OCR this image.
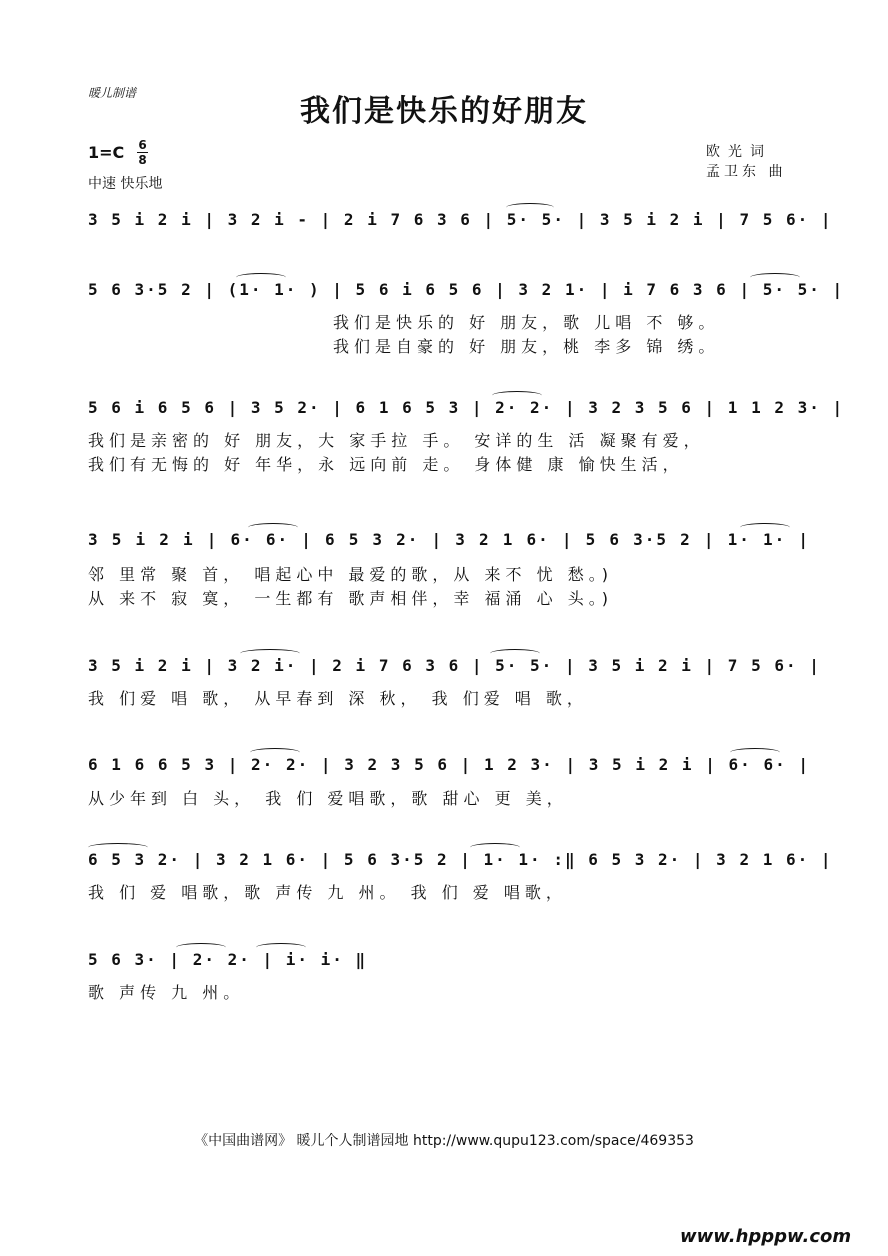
暖儿制谱
我们是快乐的好朋友
1=C 6
8
中速 快乐地
欧光词
孟卫东 曲
3 5 i 2 i | 3 2 i - | 2 i 7 6 3 6 | 5· 5· | 3 5 i 2 i | 7 5 6· |
5 6 3·5 2 | (1· 1· ) | 5 6 i 6 5 6 | 3 2 1· | i 7 6 3 6 | 5· 5· |
我们是快乐的 好 朋友，歌 儿唱 不 够。
我们是自豪的 好 朋友，桃 李多 锦 绣。
5 6 i 6 5 6 | 3 5 2· | 6 1 6 5 3 | 2· 2· | 3 2 3 5 6 | 1 1 2 3· |
我们是亲密的 好 朋友，大 家手拉 手。 安详的生 活 凝聚有爱，
我们有无悔的 好 年华，永 远向前 走。 身体健 康 愉快生活，
3 5 i 2 i | 6· 6· | 6 5 3 2· | 3 2 1 6· | 5 6 3·5 2 | 1· 1· |
邻 里常 聚 首， 唱起心中 最爱的歌，从 来不 忧 愁。)
从 来不 寂 寞， 一生都有 歌声相伴，幸 福涌 心 头。)
3 5 i 2 i | 3 2 i· | 2 i 7 6 3 6 | 5· 5· | 3 5 i 2 i | 7 5 6· |
我 们爱 唱 歌， 从早春到 深 秋， 我 们爱 唱 歌，
6 1 6 6 5 3 | 2· 2· | 3 2 3 5 6 | 1 2 3· | 3 5 i 2 i | 6· 6· |
从少年到 白 头， 我 们 爱唱歌，歌 甜心 更 美，
6 5 3 2· | 3 2 1 6· | 5 6 3·5 2 | 1· 1· :‖ 6 5 3 2· | 3 2 1 6· |
我 们 爱 唱歌，歌 声传 九 州。 我 们 爱 唱歌，
5 6 3· | 2· 2· | i· i· ‖
歌 声传 九 州。
《中国曲谱网》 暖儿个人制谱园地 http://www.qupu123.com/space/469353
www.hpppw.com
